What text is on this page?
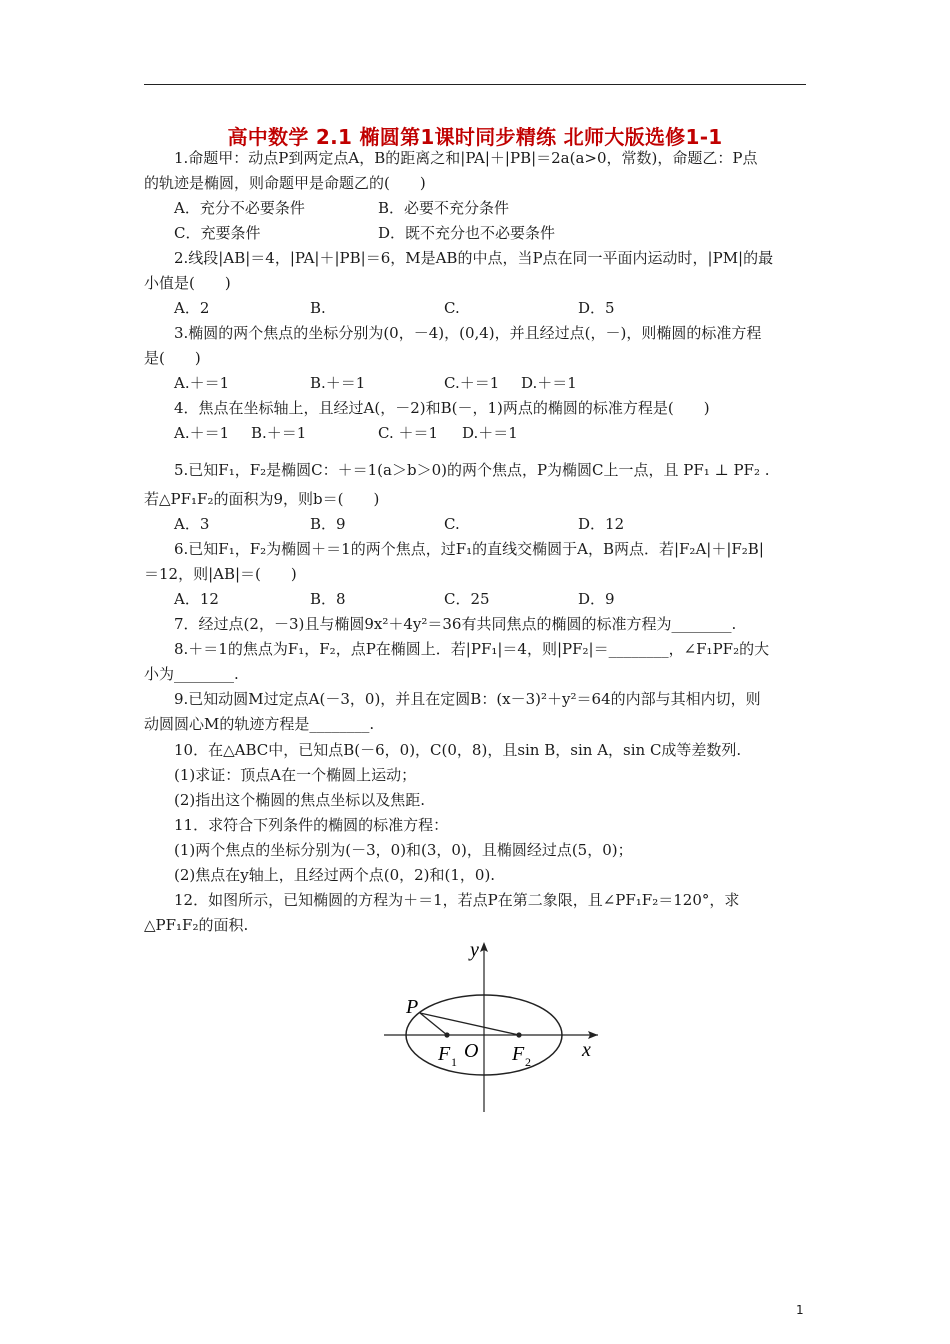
高中数学 2.1 椭圆第1课时同步精练 北师大版选修1-1
1.命题甲：动点P到两定点A，B的距离之和|PA|＋|PB|＝2a(a>0，常数)，命题乙：P点
的轨迹是椭圆，则命题甲是命题乙的(　　)
A．充分不必要条件	B．必要不充分条件
C．充要条件	D．既不充分也不必要条件
2.线段|AB|＝4，|PA|＋|PB|＝6，M是AB的中点，当P点在同一平面内运动时，|PM|的最
小值是(　　)
A．2	B.	C.	D．5
3.椭圆的两个焦点的坐标分别为(0，－4)，(0,4)，并且经过点(，－)，则椭圆的标准方程
是(　　)
A.＋＝1	B.＋＝1	C.＋＝1 D.＋＝1
4．焦点在坐标轴上，且经过A(，－2)和B(－，1)两点的椭圆的标准方程是(　　)
A.＋＝1 B.＋＝1	C. ＋＝1 D.＋＝1
5.已知F₁，F₂是椭圆C：＋＝1(a＞b＞0)的两个焦点，P为椭圆C上一点，且 PF₁ ⊥ PF₂ .
若△PF₁F₂的面积为9，则b＝(　　)
A．3	B．9	C.	D．12
6.已知F₁，F₂为椭圆＋＝1的两个焦点，过F₁的直线交椭圆于A，B两点．若|F₂A|＋|F₂B|
＝12，则|AB|＝(　　)
A．12	B．8	C．25	D．9
7．经过点(2，－3)且与椭圆9x²＋4y²＝36有共同焦点的椭圆的标准方程为________.
8.＋＝1的焦点为F₁，F₂，点P在椭圆上．若|PF₁|＝4，则|PF₂|＝________，∠F₁PF₂的大
小为________.
9.已知动圆M过定点A(－3，0)，并且在定圆B：(x－3)²＋y²＝64的内部与其相内切，则
动圆圆心M的轨迹方程是________.
10．在△ABC中，已知点B(－6，0)，C(0，8)，且sin B，sin A，sin C成等差数列.
(1)求证：顶点A在一个椭圆上运动；
(2)指出这个椭圆的焦点坐标以及焦距.
11．求符合下列条件的椭圆的标准方程：
(1)两个焦点的坐标分别为(－3，0)和(3，0)，且椭圆经过点(5，0)；
(2)焦点在y轴上，且经过两个点(0，2)和(1，0).
12．如图所示，已知椭圆的方程为＋＝1，若点P在第二象限，且∠PF₁F₂＝120°，求
△PF₁F₂的面积.
y
x
P
O
F 1	F 2
1
